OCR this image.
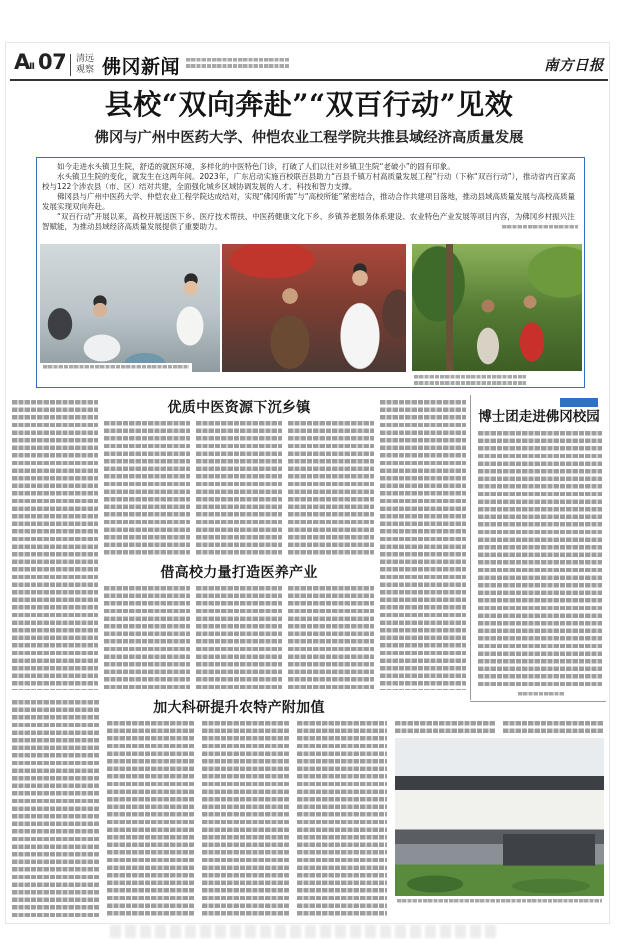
A
Ⅱ 07 清远
观察 佛冈新闻	南方日报
县校“双向奔赴”“双百行动”见效
佛冈与广州中医药大学、仲恺农业工程学院共推县域经济高质量发展

如今走进水头镇卫生院，舒适的就医环境、多样化的中医特色门诊，打破了人们以往对乡镇卫生院“老破小”的固有印象。

水头镇卫生院的变化，就发生在这两年间。2023年，广东启动实施百校联百县助力“百县千镇万村高质量发展工程”行动（下称“双百行动”），推动省内百家高校与122个涉农县（市、区）结对共建，全面强化城乡区域协调发展的人才、科技和智力支撑。

佛冈县与广州中医药大学、仲恺农业工程学院达成结对，实现“佛冈所需”与“高校所能”紧密结合，推动合作共建项目落地，推动县域高质量发展与高校高质量发展实现双向奔赴。

“双百行动”开展以来，高校开展送医下乡、医疗技术帮扶、中医药健康文化下乡、乡镇养老服务体系建设、农业特色产业发展等项目内容，为佛冈乡村振兴注智赋能，为推动县域经济高质量发展提供了重要助力。

优质中医资源下沉乡镇
借高校力量打造医养产业
加大科研提升农特产附加值
博士团走进佛冈校园
